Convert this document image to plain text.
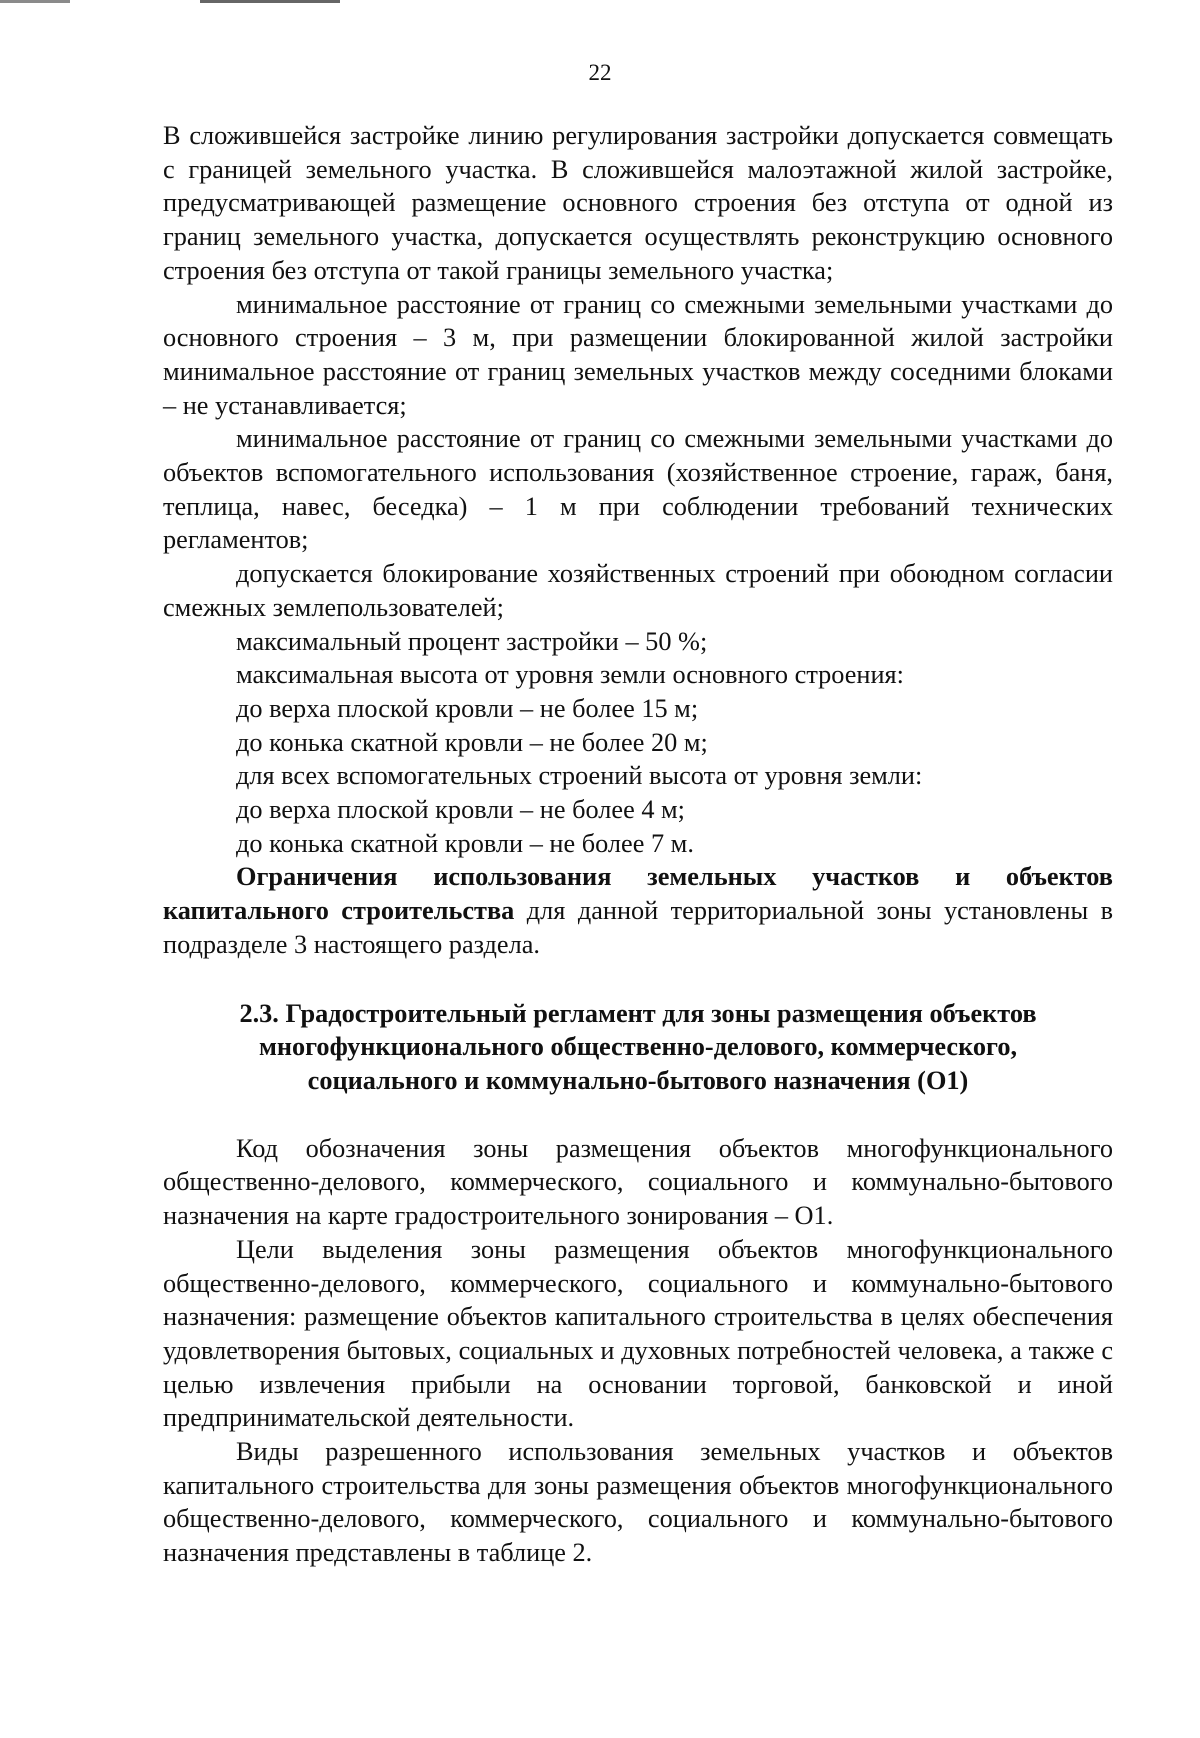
22

В сложившейся застройке линию регулирования застройки допускается совмещать с границей земельного участка. В сложившейся малоэтажной жилой застройке, предусматривающей размещение основного строения без отступа от одной из границ земельного участка, допускается осуществлять реконструкцию основного строения без отступа от такой границы земельного участка;

минимальное расстояние от границ со смежными земельными участками до основного строения – 3 м, при размещении блокированной жилой застройки минимальное расстояние от границ земельных участков между соседними блоками – не устанавливается;

минимальное расстояние от границ со смежными земельными участками до объектов вспомогательного использования (хозяйственное строение, гараж, баня, теплица, навес, беседка) – 1 м при соблюдении требований технических регламентов;

допускается блокирование хозяйственных строений при обоюдном согласии смежных землепользователей;

максимальный процент застройки – 50 %;

максимальная высота от уровня земли основного строения:

до верха плоской кровли – не более 15 м;

до конька скатной кровли – не более 20 м;

для всех вспомогательных строений высота от уровня земли:

до верха плоской кровли – не более 4 м;

до конька скатной кровли – не более 7 м.

Ограничения использования земельных участков и объектов капитального строительства для данной территориальной зоны установлены в подразделе 3 настоящего раздела.

2.3. Градостроительный регламент для зоны размещения объектов многофункционального общественно-делового, коммерческого, социального и коммунально-бытового назначения (О1)

Код обозначения зоны размещения объектов многофункционального общественно-делового, коммерческого, социального и коммунально-бытового назначения на карте градостроительного зонирования – О1.

Цели выделения зоны размещения объектов многофункционального общественно-делового, коммерческого, социального и коммунально-бытового назначения: размещение объектов капитального строительства в целях обеспечения удовлетворения бытовых, социальных и духовных потребностей человека, а также с целью извлечения прибыли на основании торговой, банковской и иной предпринимательской деятельности.

Виды разрешенного использования земельных участков и объектов капитального строительства для зоны размещения объектов многофункционального общественно-делового, коммерческого, социального и коммунально-бытового назначения представлены в таблице 2.
